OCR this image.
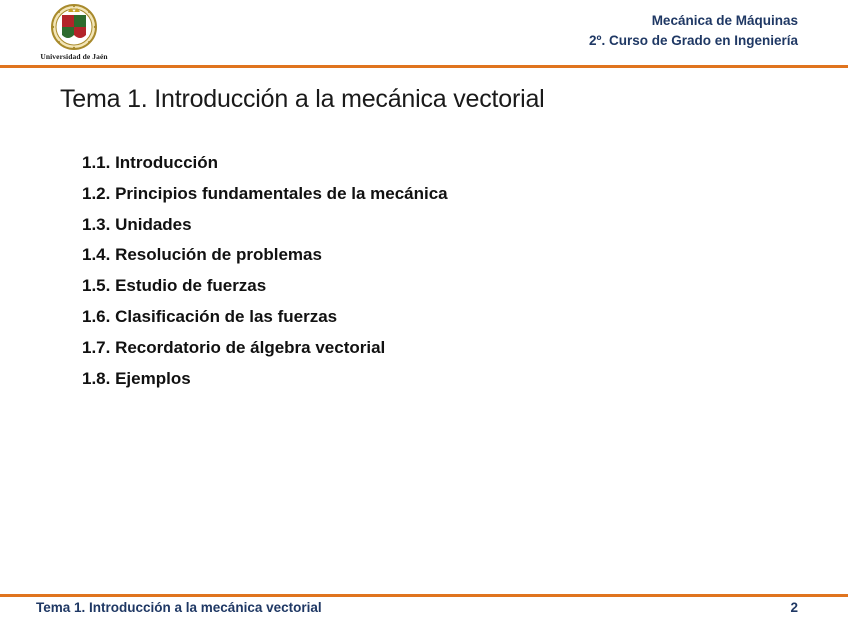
Universidad de Jaén
Mecánica de Máquinas
2º. Curso de Grado en Ingeniería
Tema 1. Introducción a la mecánica vectorial
1.1. Introducción
1.2. Principios fundamentales de la mecánica
1.3. Unidades
1.4. Resolución de problemas
1.5. Estudio de fuerzas
1.6. Clasificación de las fuerzas
1.7. Recordatorio de álgebra vectorial
1.8. Ejemplos
Tema 1. Introducción a la mecánica vectorial	2
